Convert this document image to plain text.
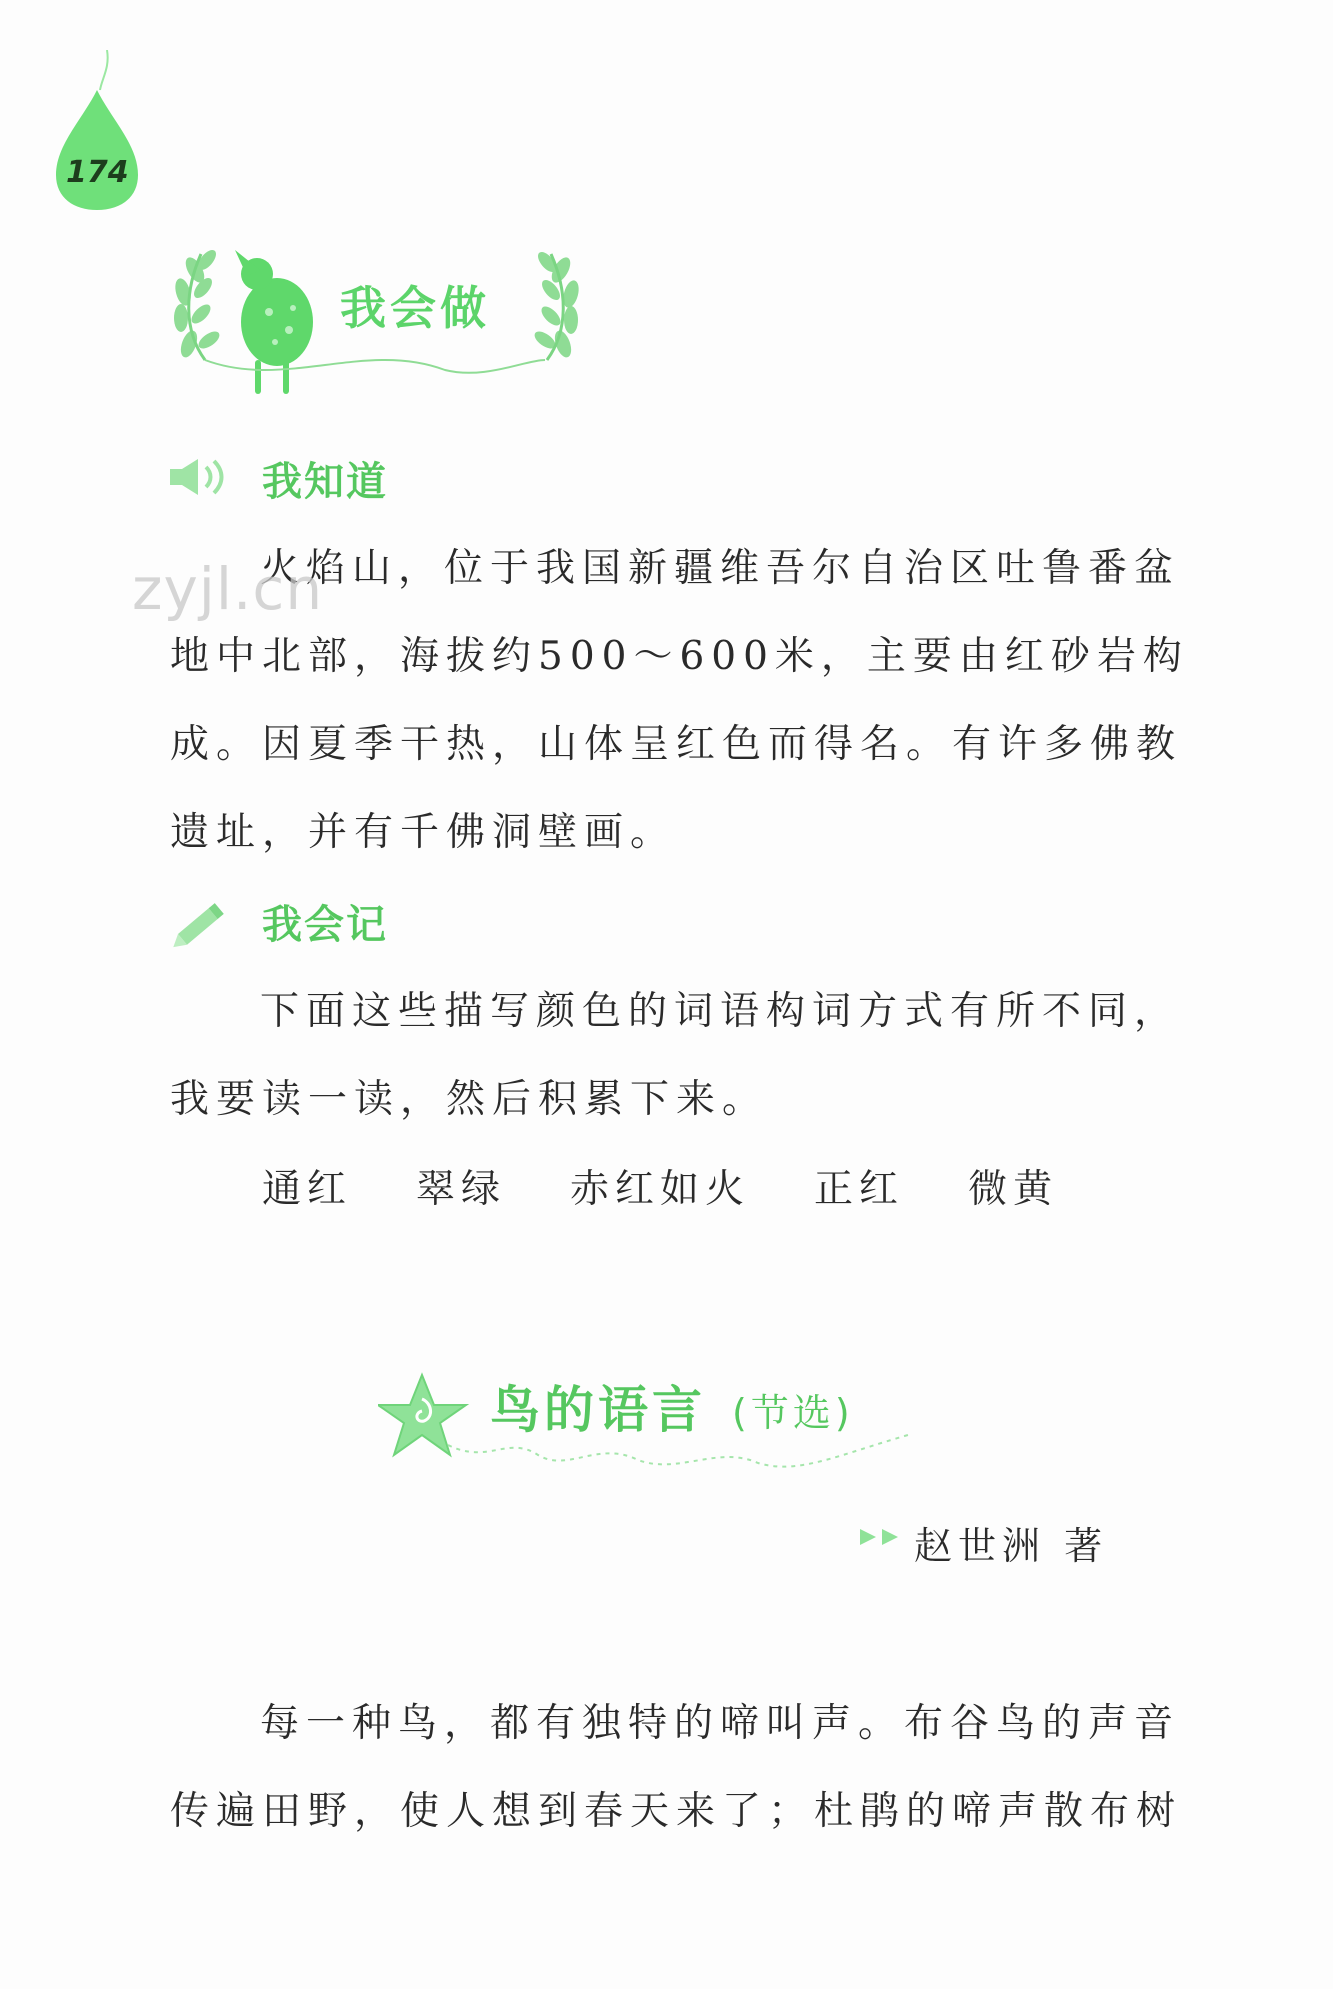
174
我会做
我知道

火焰山，位于我国新疆维吾尔自治区吐鲁番盆地中北部，海拔约500～600米，主要由红砂岩构成。因夏季干热，山体呈红色而得名。有许多佛教遗址，并有千佛洞壁画。

zyjl.cn
我会记

下面这些描写颜色的词语构词方式有所不同，我要读一读，然后积累下来。

通红 翠绿 赤红如火 正红 微黄
鸟的语言 (节选)
赵世洲 著

每一种鸟，都有独特的啼叫声。布谷鸟的声音传遍田野，使人想到春天来了；杜鹃的啼声散布树
